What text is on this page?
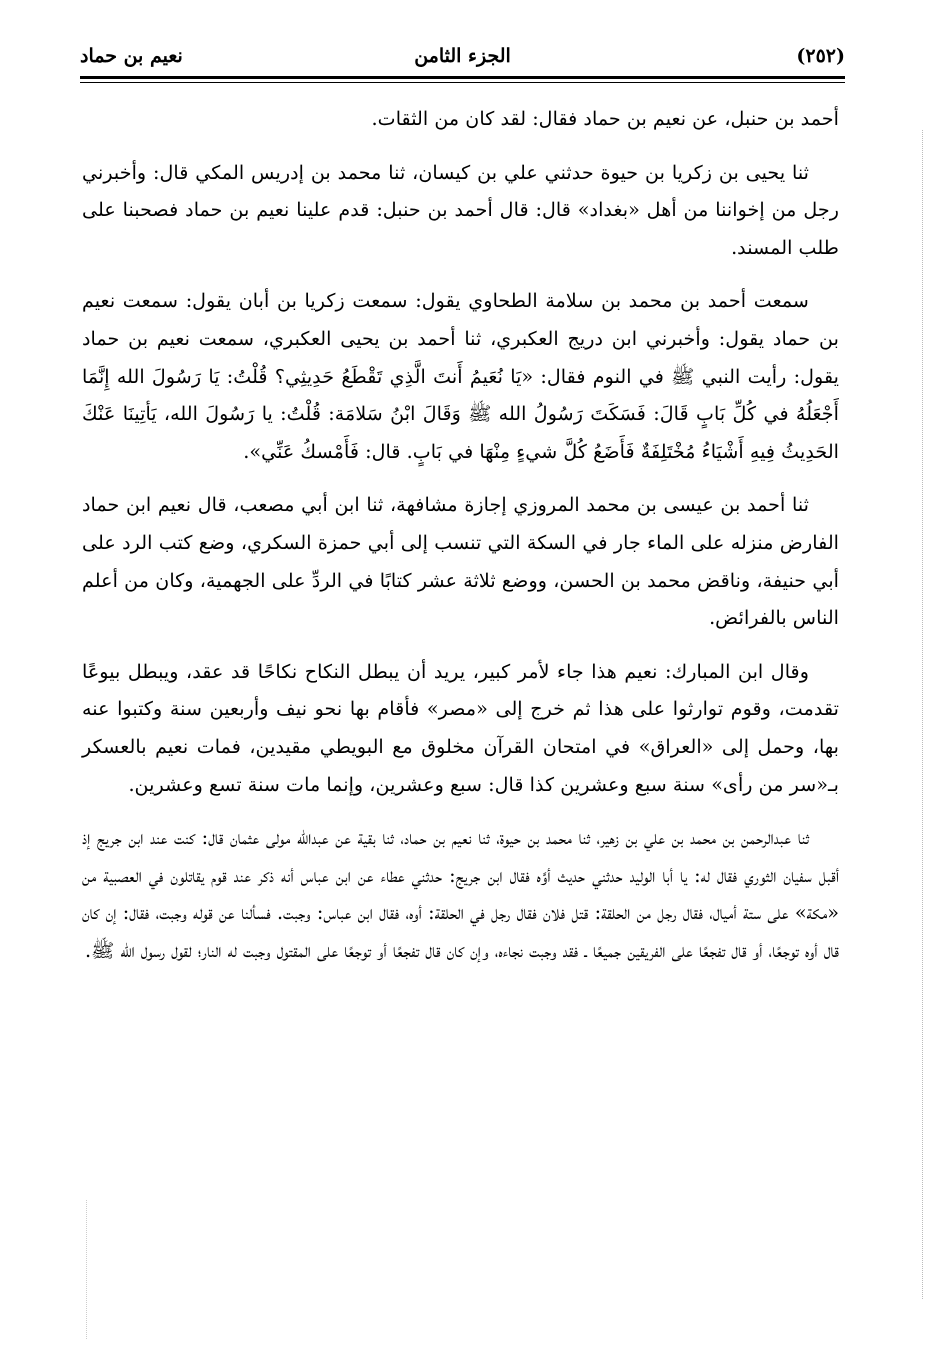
نعيم بن حماد	الجزء الثامن	(٢٥٢)

أحمد بن حنبل، عن نعيم بن حماد فقال: لقد كان من الثقات.

ثنا يحيى بن زكريا بن حيوة حدثني علي بن كيسان، ثنا محمد بن إدريس المكي قال: وأخبرني رجل من إخواننا من أهل «بغداد» قال: قال أحمد بن حنبل: قدم علينا نعيم بن حماد فصحبنا على طلب المسند.

سمعت أحمد بن محمد بن سلامة الطحاوي يقول: سمعت زكريا بن أبان يقول: سمعت نعيم بن حماد يقول: وأخبرني ابن دريج العكبري، ثنا أحمد بن يحيى العكبري، سمعت نعيم بن حماد يقول: رأيت النبي ﷺ في النوم فقال: «يَا نُعَيمُ أَنتَ الَّذِي تَقْطَعُ حَدِيثِي؟ قُلْتُ: يَا رَسُولَ الله إِنَّمَا أَجْعَلُهُ في كُلِّ بَابٍ قَالَ: فَسَكَتَ رَسُولُ الله ﷺ وَقَالَ ابْنُ سَلامَة: قُلْتُ: يا رَسُولَ الله، يَأتِينَا عَنْكَ الحَدِيثُ فِيهِ أَشْيَاءُ مُخْتَلِفَةٌ فَأَضَعُ كُلَّ شيءٍ مِنْهَا في بَابٍ. قال: فَأَمْسكُ عَنِّي».

ثنا أحمد بن عيسى بن محمد المروزي إجازة مشافهة، ثنا ابن أبي مصعب، قال نعيم ابن حماد الفارض منزله على الماء جار في السكة التي تنسب إلى أبي حمزة السكري، وضع كتب الرد على أبي حنيفة، وناقض محمد بن الحسن، ووضع ثلاثة عشر كتابًا في الردِّ على الجهمية، وكان من أعلم الناس بالفرائض.

وقال ابن المبارك: نعيم هذا جاء لأمر كبير، يريد أن يبطل النكاح نكاحًا قد عقد، ويبطل بيوعًا تقدمت، وقوم توارثوا على هذا ثم خرج إلى «مصر» فأقام بها نحو نيف وأربعين سنة وكتبوا عنه بها، وحمل إلى «العراق» في امتحان القرآن مخلوق مع البويطي مقيدين، فمات نعيم بالعسكر بـ«سر من رأى» سنة سبع وعشرين كذا قال: سبع وعشرين، وإنما مات سنة تسع وعشرين.

ثنا عبدالرحمن بن محمد بن علي بن زهير، ثنا محمد بن حيوة، ثنا نعيم بن حماد، ثنا بقية عن عبدالله مولى عثمان قال: كنت عند ابن جريج إذ أقبل سفيان الثوري فقال له: يا أبا الوليد حدثني حديث أوَّه فقال ابن جريج: حدثني عطاء عن ابن عباس أنه ذكر عند قوم يقاتلون في العصبية من «مكة» على ستة أميال، فقال رجل من الحلقة: قتل فلان فقال رجل في الحلقة: أوه، فقال ابن عباس: وجبت. فسألنا عن قوله وجبت، فقال: إن كان قال أوه توجعًا، أو قال تفجعًا على الفريقين جميعًا ـ فقد وجبت نجاءه، وإن كان قال تفجعًا أو توجعًا على المقتول وجبت له النار؛ لقول رسول الله ﷺ.
